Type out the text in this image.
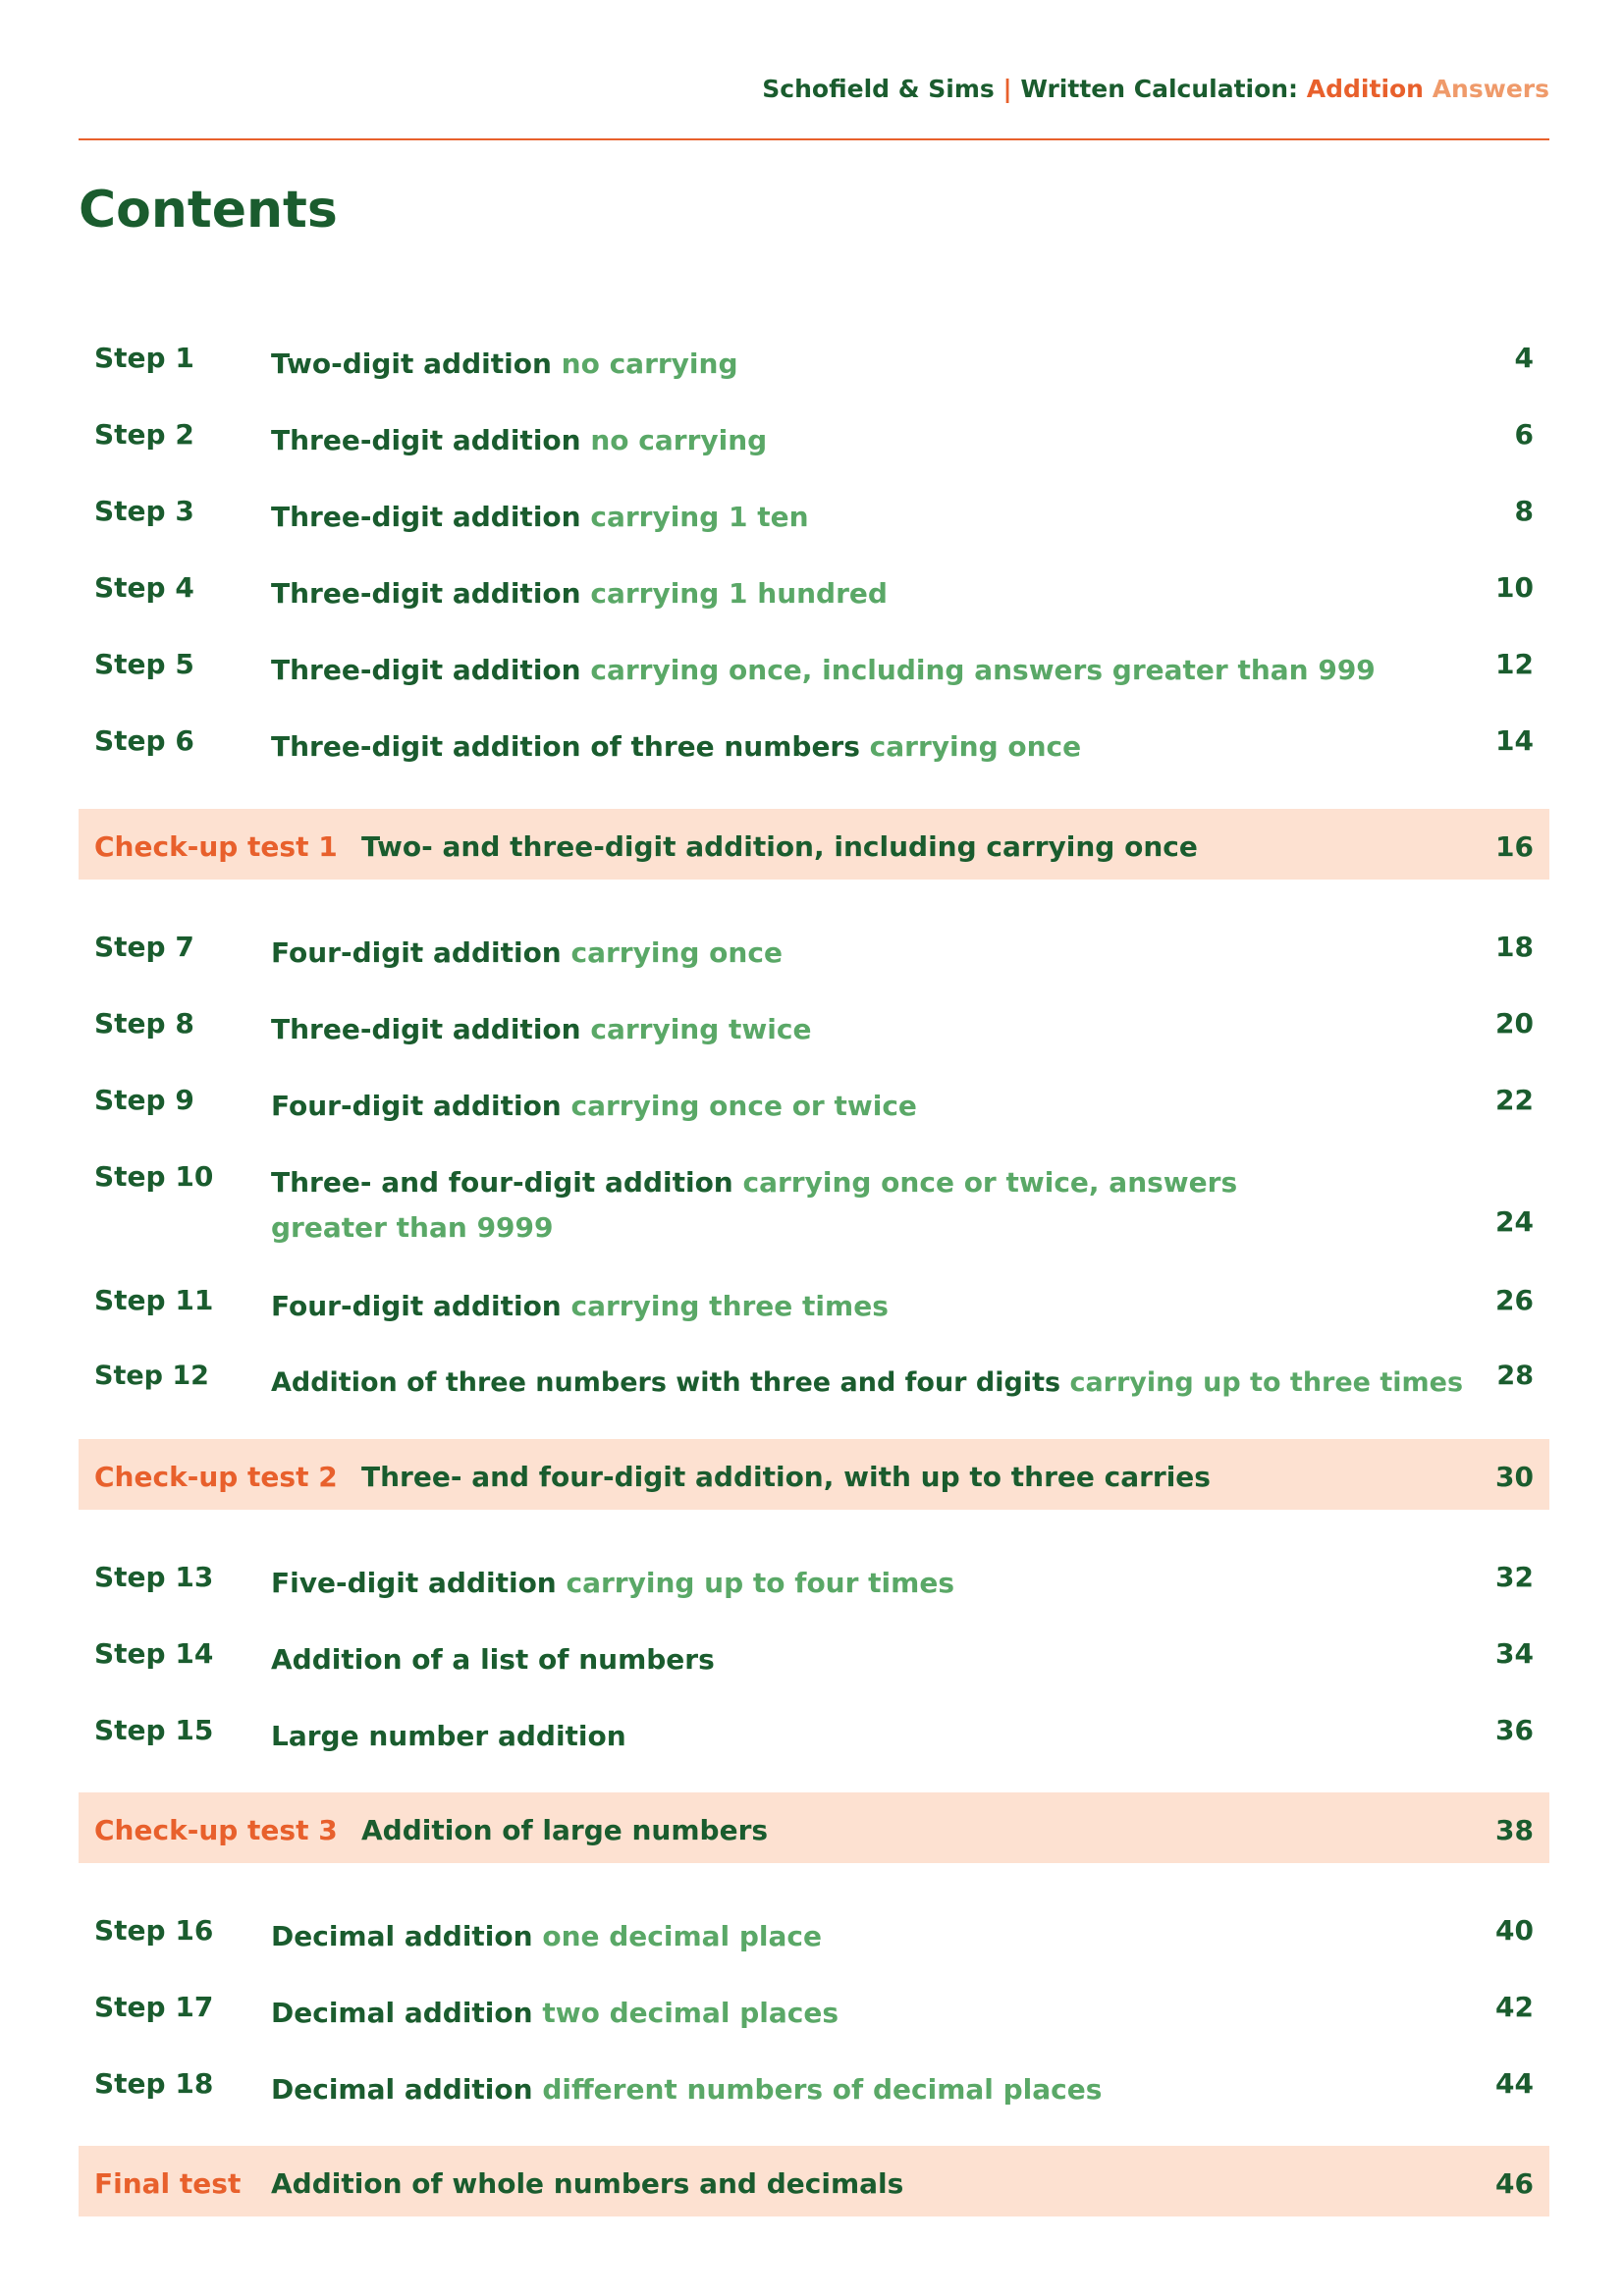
Schofield & Sims | Written Calculation: Addition Answers
Contents
Step 1	Two-digit addition no carrying	4
Step 2	Three-digit addition no carrying	6
Step 3	Three-digit addition carrying 1 ten	8
Step 4	Three-digit addition carrying 1 hundred	10
Step 5	Three-digit addition carrying once, including answers greater than 999	12
Step 6	Three-digit addition of three numbers carrying once	14
Check-up test 1 Two- and three-digit addition, including carrying once	16
Step 7	Four-digit addition carrying once	18
Step 8	Three-digit addition carrying twice	20
Step 9	Four-digit addition carrying once or twice	22
Step 10 Three- and four-digit addition carrying once or twice, answers greater than 9999	24
Step 11 Four-digit addition carrying three times	26
Step 12 Addition of three numbers with three and four digits carrying up to three times	28
Check-up test 2 Three- and four-digit addition, with up to three carries	30
Step 13 Five-digit addition carrying up to four times	32
Step 14 Addition of a list of numbers	34
Step 15 Large number addition	36
Check-up test 3 Addition of large numbers	38
Step 16 Decimal addition one decimal place	40
Step 17 Decimal addition two decimal places	42
Step 18 Decimal addition different numbers of decimal places	44
Final test Addition of whole numbers and decimals	46
